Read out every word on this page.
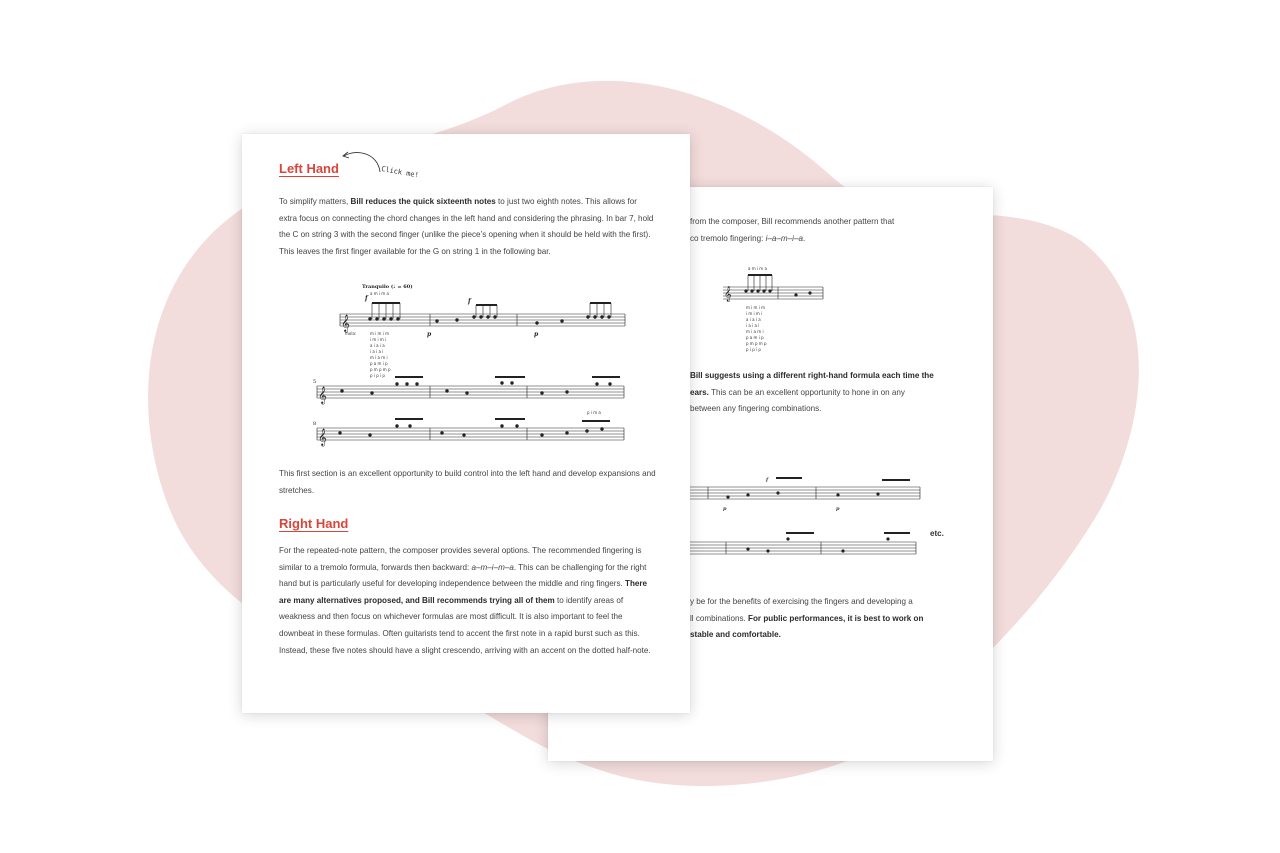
from the composer, Bill recommends another pattern that
co tremolo fingering: i–a–m–i–a.
𝄞
a m i m a
m i m i m
i m i m i
a i a i a
i a i a i
m i a m i
p a m i p
p m p m p
p i p i p
Bill suggests using a different right-hand formula each time the
ears. This can be an excellent opportunity to hone in on any
between any fingering combinations.
p	p
f
etc.
y be for the benefits of exercising the fingers and developing a
ll combinations. For public performances, it is best to work on
stable and comfortable.
Left Hand	Click me!
To simplify matters, Bill reduces the quick sixteenth notes to just two eighth notes. This allows for extra focus on connecting the chord changes in the left hand and considering the phrasing. In bar 7, hold the C on string 3 with the second finger (unlike the piece’s opening when it should be held with the first). This leaves the first finger available for the G on string 1 in the following bar.
Tranquilo (♩ = 60)
𝄞
𝄞
𝄞
5
8
f	f
p	p
a m i m a
mola:	m i m i m
i m i m i
a i a i a
i a i a i
m i a m i
p a m i p
p m p m p
p i p i p
p i m a
This first section is an excellent opportunity to build control into the left hand and develop expansions and stretches.
Right Hand
For the repeated-note pattern, the composer provides several options. The recommended fingering is similar to a tremolo formula, forwards then backward: a–m–i–m–a. This can be challenging for the right hand but is particularly useful for developing independence between the middle and ring fingers. There are many alternatives proposed, and Bill recommends trying all of them to identify areas of weakness and then focus on whichever formulas are most difficult. It is also important to feel the downbeat in these formulas. Often guitarists tend to accent the first note in a rapid burst such as this. Instead, these five notes should have a slight crescendo, arriving with an accent on the dotted half-note.
